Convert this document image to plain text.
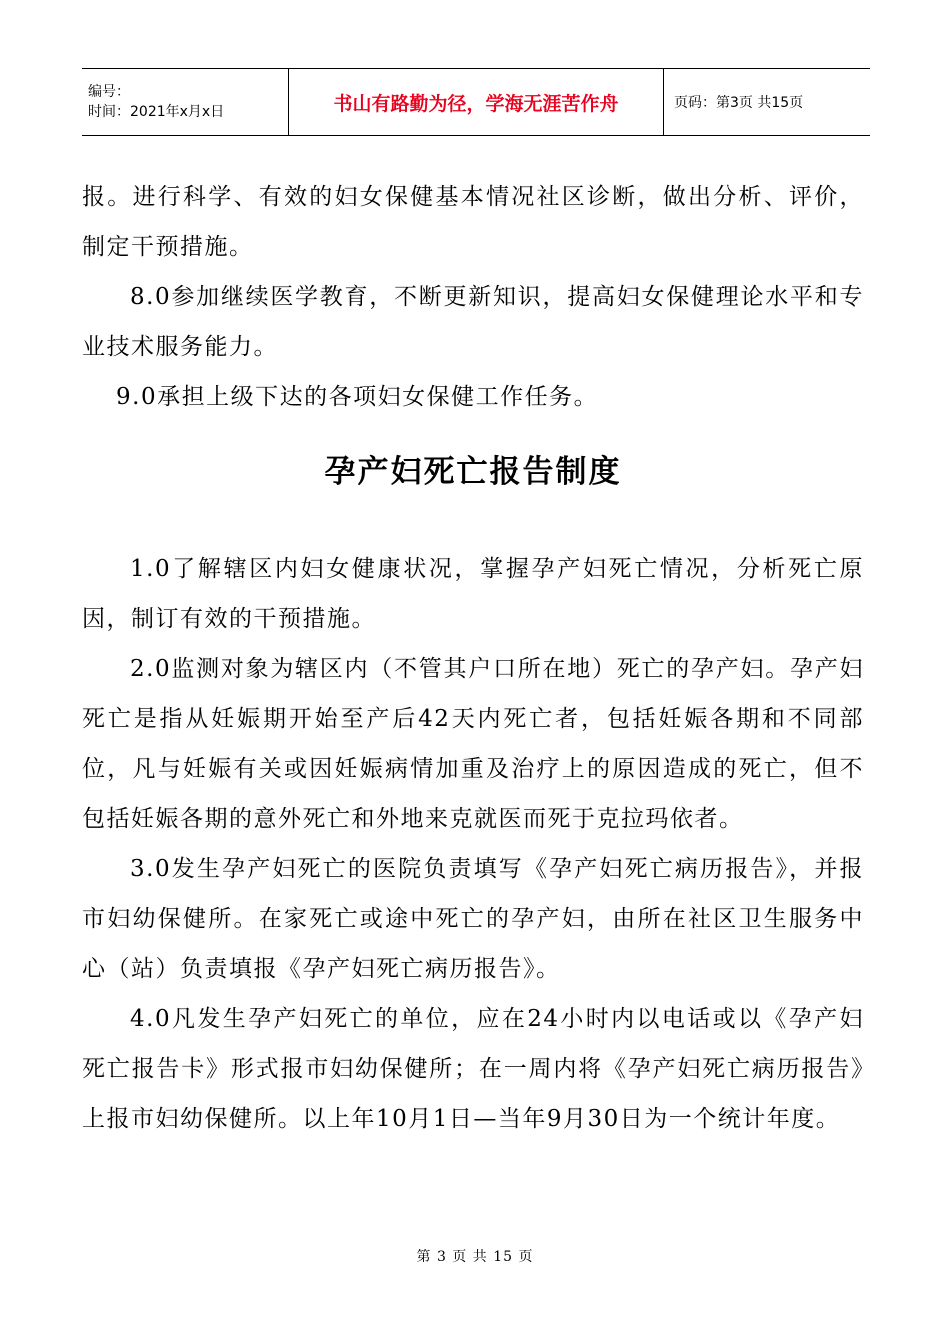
编号：
时间：2021年x月x日	书山有路勤为径，学海无涯苦作舟	页码：第3页 共15页

报。进行科学、有效的妇女保健基本情况社区诊断，做出分析、评价，制定干预措施。

8.0参加继续医学教育，不断更新知识，提高妇女保健理论水平和专业技术服务能力。

9.0承担上级下达的各项妇女保健工作任务。

孕产妇死亡报告制度

1.0了解辖区内妇女健康状况，掌握孕产妇死亡情况，分析死亡原因，制订有效的干预措施。

2.0监测对象为辖区内（不管其户口所在地）死亡的孕产妇。孕产妇死亡是指从妊娠期开始至产后42天内死亡者，包括妊娠各期和不同部位，凡与妊娠有关或因妊娠病情加重及治疗上的原因造成的死亡，但不包括妊娠各期的意外死亡和外地来克就医而死于克拉玛依者。

3.0发生孕产妇死亡的医院负责填写《孕产妇死亡病历报告》，并报市妇幼保健所。在家死亡或途中死亡的孕产妇，由所在社区卫生服务中心（站）负责填报《孕产妇死亡病历报告》。

4.0凡发生孕产妇死亡的单位，应在24小时内以电话或以《孕产妇死亡报告卡》形式报市妇幼保健所；在一周内将《孕产妇死亡病历报告》上报市妇幼保健所。以上年10月1日—当年9月30日为一个统计年度。

第 3 页 共 15 页
